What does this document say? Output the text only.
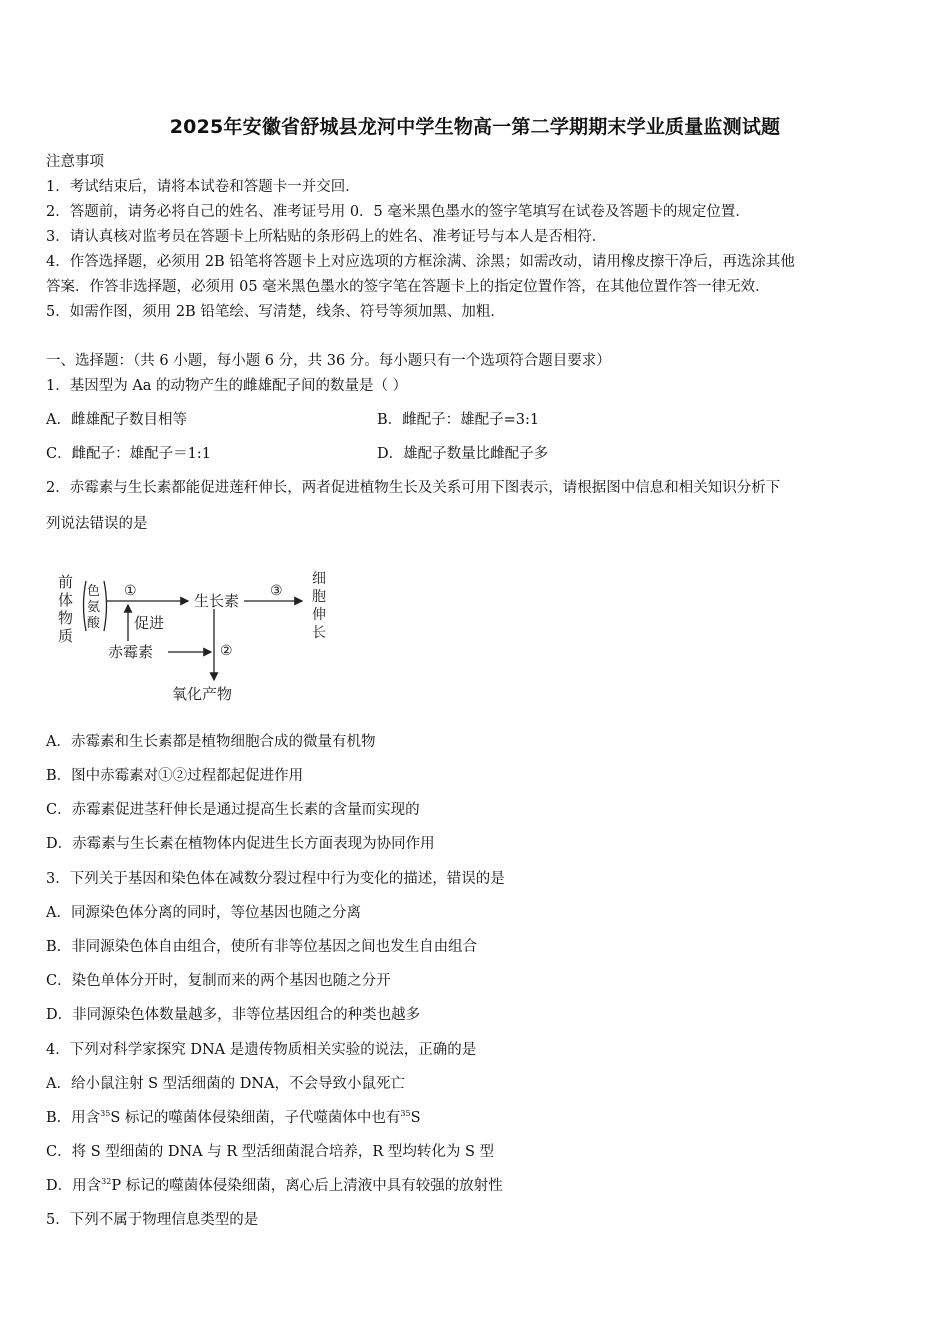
2025年安徽省舒城县龙河中学生物高一第二学期期末学业质量监测试题
注意事项
1．考试结束后，请将本试卷和答题卡一并交回．
2．答题前，请务必将自己的姓名、准考证号用 0．5 毫米黑色墨水的签字笔填写在试卷及答题卡的规定位置．
3．请认真核对监考员在答题卡上所粘贴的条形码上的姓名、准考证号与本人是否相符．
4．作答选择题，必须用 2B 铅笔将答题卡上对应选项的方框涂满、涂黑；如需改动，请用橡皮擦干净后，再选涂其他
答案．作答非选择题，必须用 05 毫米黑色墨水的签字笔在答题卡上的指定位置作答，在其他位置作答一律无效．
5．如需作图，须用 2B 铅笔绘、写清楚，线条、符号等须加黑、加粗．
一、选择题：（共 6 小题，每小题 6 分，共 36 分。每小题只有一个选项符合题目要求）
1．基因型为 Aa 的动物产生的雌雄配子间的数量是（ ）
A．雌雄配子数目相等	B．雌配子：雄配子=3:1
C．雌配子：雄配子＝1:1	D．雄配子数量比雌配子多
2．赤霉素与生长素都能促进莲秆伸长，两者促进植物生长及关系可用下图表示，请根据图中信息和相关知识分析下
列说法错误的是
前
体
物
质
色
氨
酸
①
生长素
③
细
胞
伸
长
促进
赤霉素	②
氧化产物
A．赤霉素和生长素都是植物细胞合成的微量有机物
B．图中赤霉素对①②过程都起促进作用
C．赤霉素促进茎秆伸长是通过提高生长素的含量而实现的
D．赤霉素与生长素在植物体内促进生长方面表现为协同作用
3．下列关于基因和染色体在减数分裂过程中行为变化的描述，错误的是
A．同源染色体分离的同时，等位基因也随之分离
B．非同源染色体自由组合，使所有非等位基因之间也发生自由组合
C．染色单体分开时，复制而来的两个基因也随之分开
D．非同源染色体数量越多，非等位基因组合的种类也越多
4．下列对科学家探究 DNA 是遗传物质相关实验的说法，正确的是
A．给小鼠注射 S 型活细菌的 DNA，不会导致小鼠死亡
B．用含$^{35}$S 标记的噬菌体侵染细菌，子代噬菌体中也有$^{35}$S
C．将 S 型细菌的 DNA 与 R 型活细菌混合培养，R 型均转化为 S 型
D．用含$^{32}$P 标记的噬菌体侵染细菌，离心后上清液中具有较强的放射性
5．下列不属于物理信息类型的是
